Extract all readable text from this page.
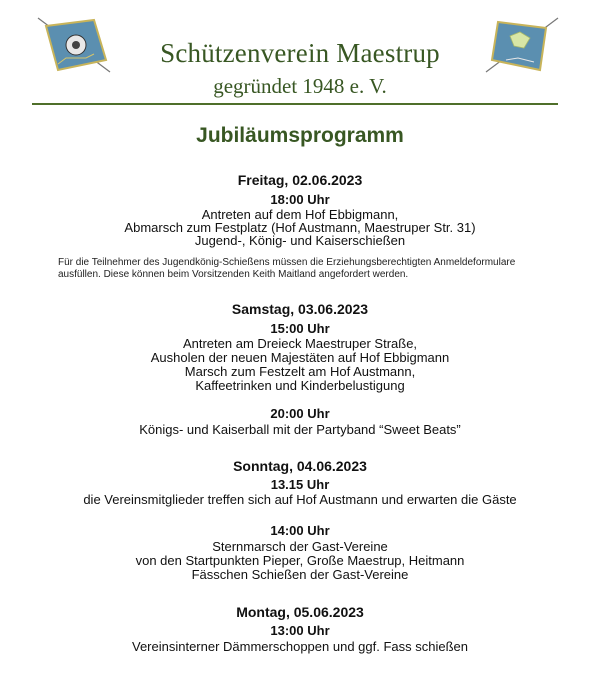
Schützenverein Maestrup
gegründet 1948 e. V.
Jubiläumsprogramm
Freitag, 02.06.2023
18:00 Uhr
Antreten auf dem Hof Ebbigmann,
Abmarsch zum Festplatz (Hof Austmann, Maestruper Str. 31)
Jugend-, König- und Kaiserschießen
Für die Teilnehmer des Jugendkönig-Schießens müssen die Erziehungsberechtigten Anmeldeformulare ausfüllen. Diese können beim Vorsitzenden Keith Maitland angefordert werden.
Samstag, 03.06.2023
15:00 Uhr
Antreten am Dreieck Maestruper Straße,
Ausholen der neuen Majestäten auf Hof Ebbigmann
Marsch zum Festzelt am Hof Austmann,
Kaffeetrinken und Kinderbelustigung
20:00 Uhr
Königs- und Kaiserball mit der Partyband “Sweet Beats”
Sonntag, 04.06.2023
13.15 Uhr
die Vereinsmitglieder treffen sich auf Hof Austmann und erwarten die Gäste
14:00 Uhr
Sternmarsch der Gast-Vereine
von den Startpunkten Pieper, Große Maestrup, Heitmann
Fässchen Schießen der Gast-Vereine
Montag, 05.06.2023
13:00 Uhr
Vereinsinterner Dämmerschoppen und ggf. Fass schießen
